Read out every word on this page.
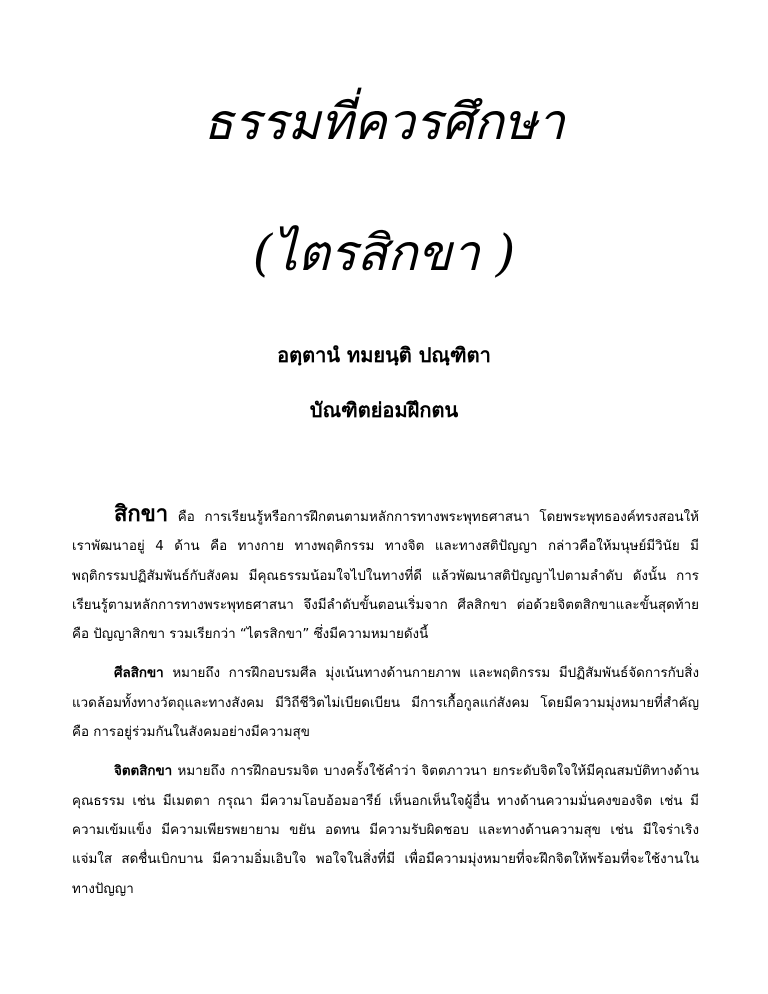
ธรรมที่ควรศึกษา
(ไตรสิกขา )
อตฺตานํ ทมยนฺติ ปณฺฑิตา
บัณฑิตย่อมฝึกตน

สิกขา คือ การเรียนรู้หรือการฝึกตนตามหลักการทางพระพุทธศาสนา โดยพระพุทธองค์ทรงสอนให้เราพัฒนาอยู่ 4 ด้าน คือ ทางกาย ทางพฤติกรรม ทางจิต และทางสติปัญญา กล่าวคือให้มนุษย์มีวินัย มีพฤติกรรมปฏิสัมพันธ์กับสังคม มีคุณธรรมน้อมใจไปในทางที่ดี แล้วพัฒนาสติปัญญาไปตามลำดับ ดังนั้น การเรียนรู้ตามหลักการทางพระพุทธศาสนา จึงมีลำดับขั้นตอนเริ่มจาก ศีลสิกขา ต่อด้วยจิตตสิกขาและขั้นสุดท้าย คือ ปัญญาสิกขา รวมเรียกว่า “ไตรสิกขา” ซึ่งมีความหมายดังนี้

ศีลสิกขา หมายถึง การฝึกอบรมศีล มุ่งเน้นทางด้านกายภาพ และพฤติกรรม มีปฏิสัมพันธ์จัดการกับสิ่งแวดล้อมทั้งทางวัตถุและทางสังคม มีวิถีชีวิตไม่เบียดเบียน มีการเกื้อกูลแก่สังคม โดยมีความมุ่งหมายที่สำคัญ คือ การอยู่ร่วมกันในสังคมอย่างมีความสุข

จิตตสิกขา หมายถึง การฝึกอบรมจิต บางครั้งใช้คำว่า จิตตภาวนา ยกระดับจิตใจให้มีคุณสมบัติทางด้านคุณธรรม เช่น มีเมตตา กรุณา มีความโอบอ้อมอารีย์ เห็นอกเห็นใจผู้อื่น ทางด้านความมั่นคงของจิต เช่น มีความเข้มแข็ง มีความเพียรพยายาม ขยัน อดทน มีความรับผิดชอบ และทางด้านความสุข เช่น มีใจร่าเริงแจ่มใส สดชื่นเบิกบาน มีความอิ่มเอิบใจ พอใจในสิ่งที่มี เพื่อมีความมุ่งหมายที่จะฝึกจิตให้พร้อมที่จะใช้งานในทางปัญญา
